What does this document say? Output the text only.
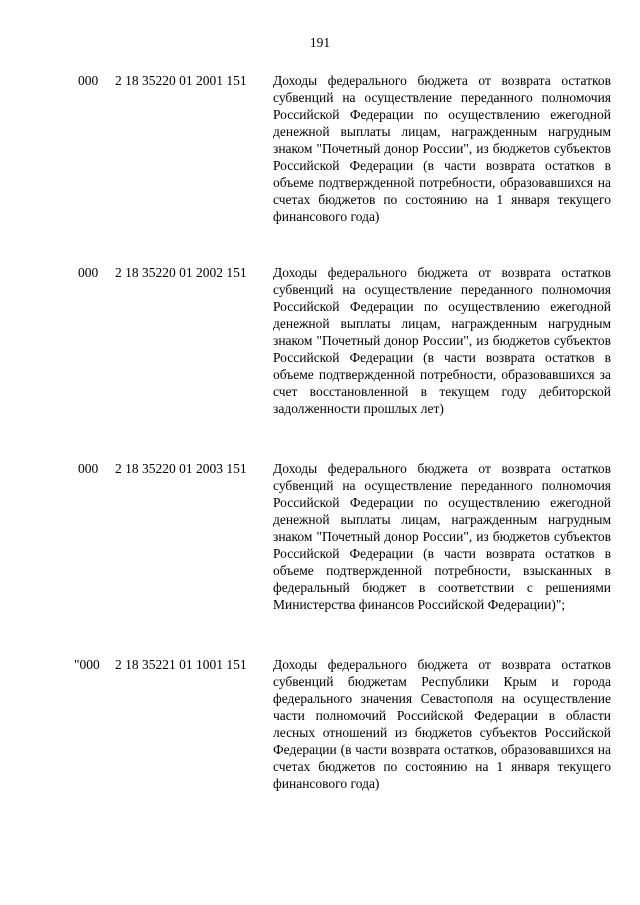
191
000 2 18 35220 01 2001 151 Доходы федерального бюджета от возврата остатков субвенций на осуществление переданного полномочия Российской Федерации по осуществлению ежегодной денежной выплаты лицам, награжденным нагрудным знаком "Почетный донор России", из бюджетов субъектов Российской Федерации (в части возврата остатков в объеме подтвержденной потребности, образовавшихся на счетах бюджетов по состоянию на 1 января текущего финансового года)
000 2 18 35220 01 2002 151 Доходы федерального бюджета от возврата остатков субвенций на осуществление переданного полномочия Российской Федерации по осуществлению ежегодной денежной выплаты лицам, награжденным нагрудным знаком "Почетный донор России", из бюджетов субъектов Российской Федерации (в части возврата остатков в объеме подтвержденной потребности, образовавшихся за счет восстановленной в текущем году дебиторской задолженности прошлых лет)
000 2 18 35220 01 2003 151 Доходы федерального бюджета от возврата остатков субвенций на осуществление переданного полномочия Российской Федерации по осуществлению ежегодной денежной выплаты лицам, награжденным нагрудным знаком "Почетный донор России", из бюджетов субъектов Российской Федерации (в части возврата остатков в объеме подтвержденной потребности, взысканных в федеральный бюджет в соответствии с решениями Министерства финансов Российской Федерации)";
"000 2 18 35221 01 1001 151 Доходы федерального бюджета от возврата остатков субвенций бюджетам Республики Крым и города федерального значения Севастополя на осуществление части полномочий Российской Федерации в области лесных отношений из бюджетов субъектов Российской Федерации (в части возврата остатков, образовавшихся на счетах бюджетов по состоянию на 1 января текущего финансового года)
